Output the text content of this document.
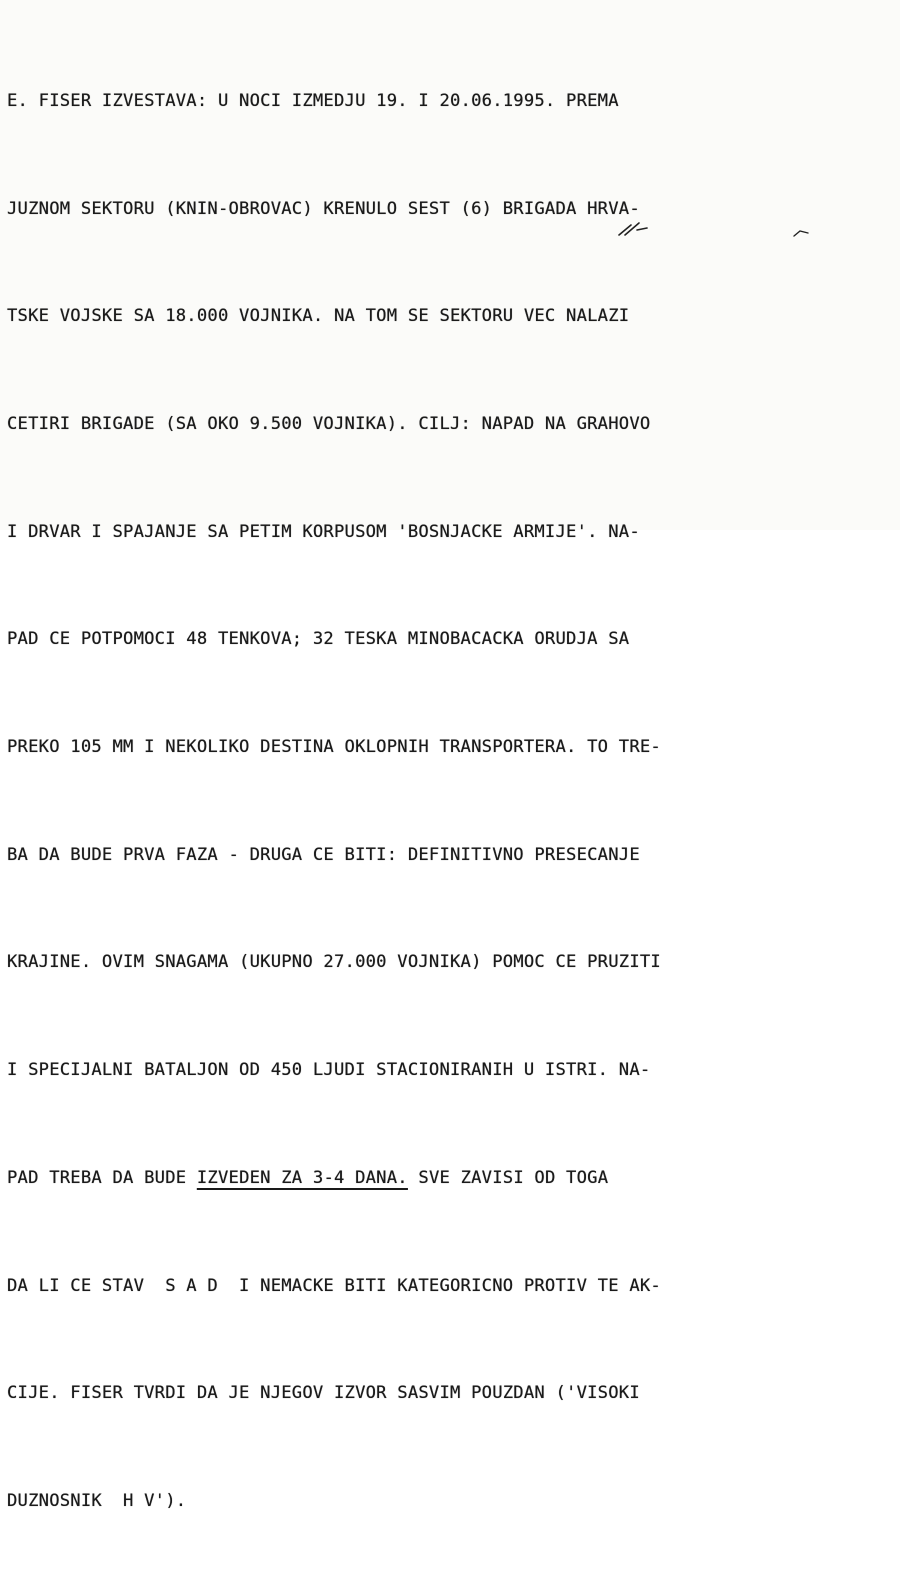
E. FISER IZVESTAVA: U NOCI IZMEDJU 19. I 20.06.1995. PREMA

JUZNOM SEKTORU (KNIN-OBROVAC) KRENULO SEST (6) BRIGADA HRVA-

TSKE VOJSKE SA 18.000 VOJNIKA. NA TOM SE SEKTORU VEC NALAZI

CETIRI BRIGADE (SA OKO 9.500 VOJNIKA). CILJ: NAPAD NA GRAHOVO

I DRVAR I SPAJANJE SA PETIM KORPUSOM 'BOSNJACKE ARMIJE'. NA-

PAD CE POTPOMOCI 48 TENKOVA; 32 TESKA MINOBACACKA ORUDJA SA

PREKO 105 MM I NEKOLIKO DESTINA OKLOPNIH TRANSPORTERA. TO TRE-

BA DA BUDE PRVA FAZA - DRUGA CE BITI: DEFINITIVNO PRESECANJE

KRAJINE. OVIM SNAGAMA (UKUPNO 27.000 VOJNIKA) POMOC CE PRUZITI

I SPECIJALNI BATALJON OD 450 LJUDI STACIONIRANIH U ISTRI. NA-

PAD TREBA DA BUDE IZVEDEN ZA 3-4 DANA. SVE ZAVISI OD TOGA

DA LI CE STAV  S A D  I NEMACKE BITI KATEGORICNO PROTIV TE AK-

CIJE. FISER TVRDI DA JE NJEGOV IZVOR SASVIM POUZDAN ('VISOKI

DUZNOSNIK  H V').
